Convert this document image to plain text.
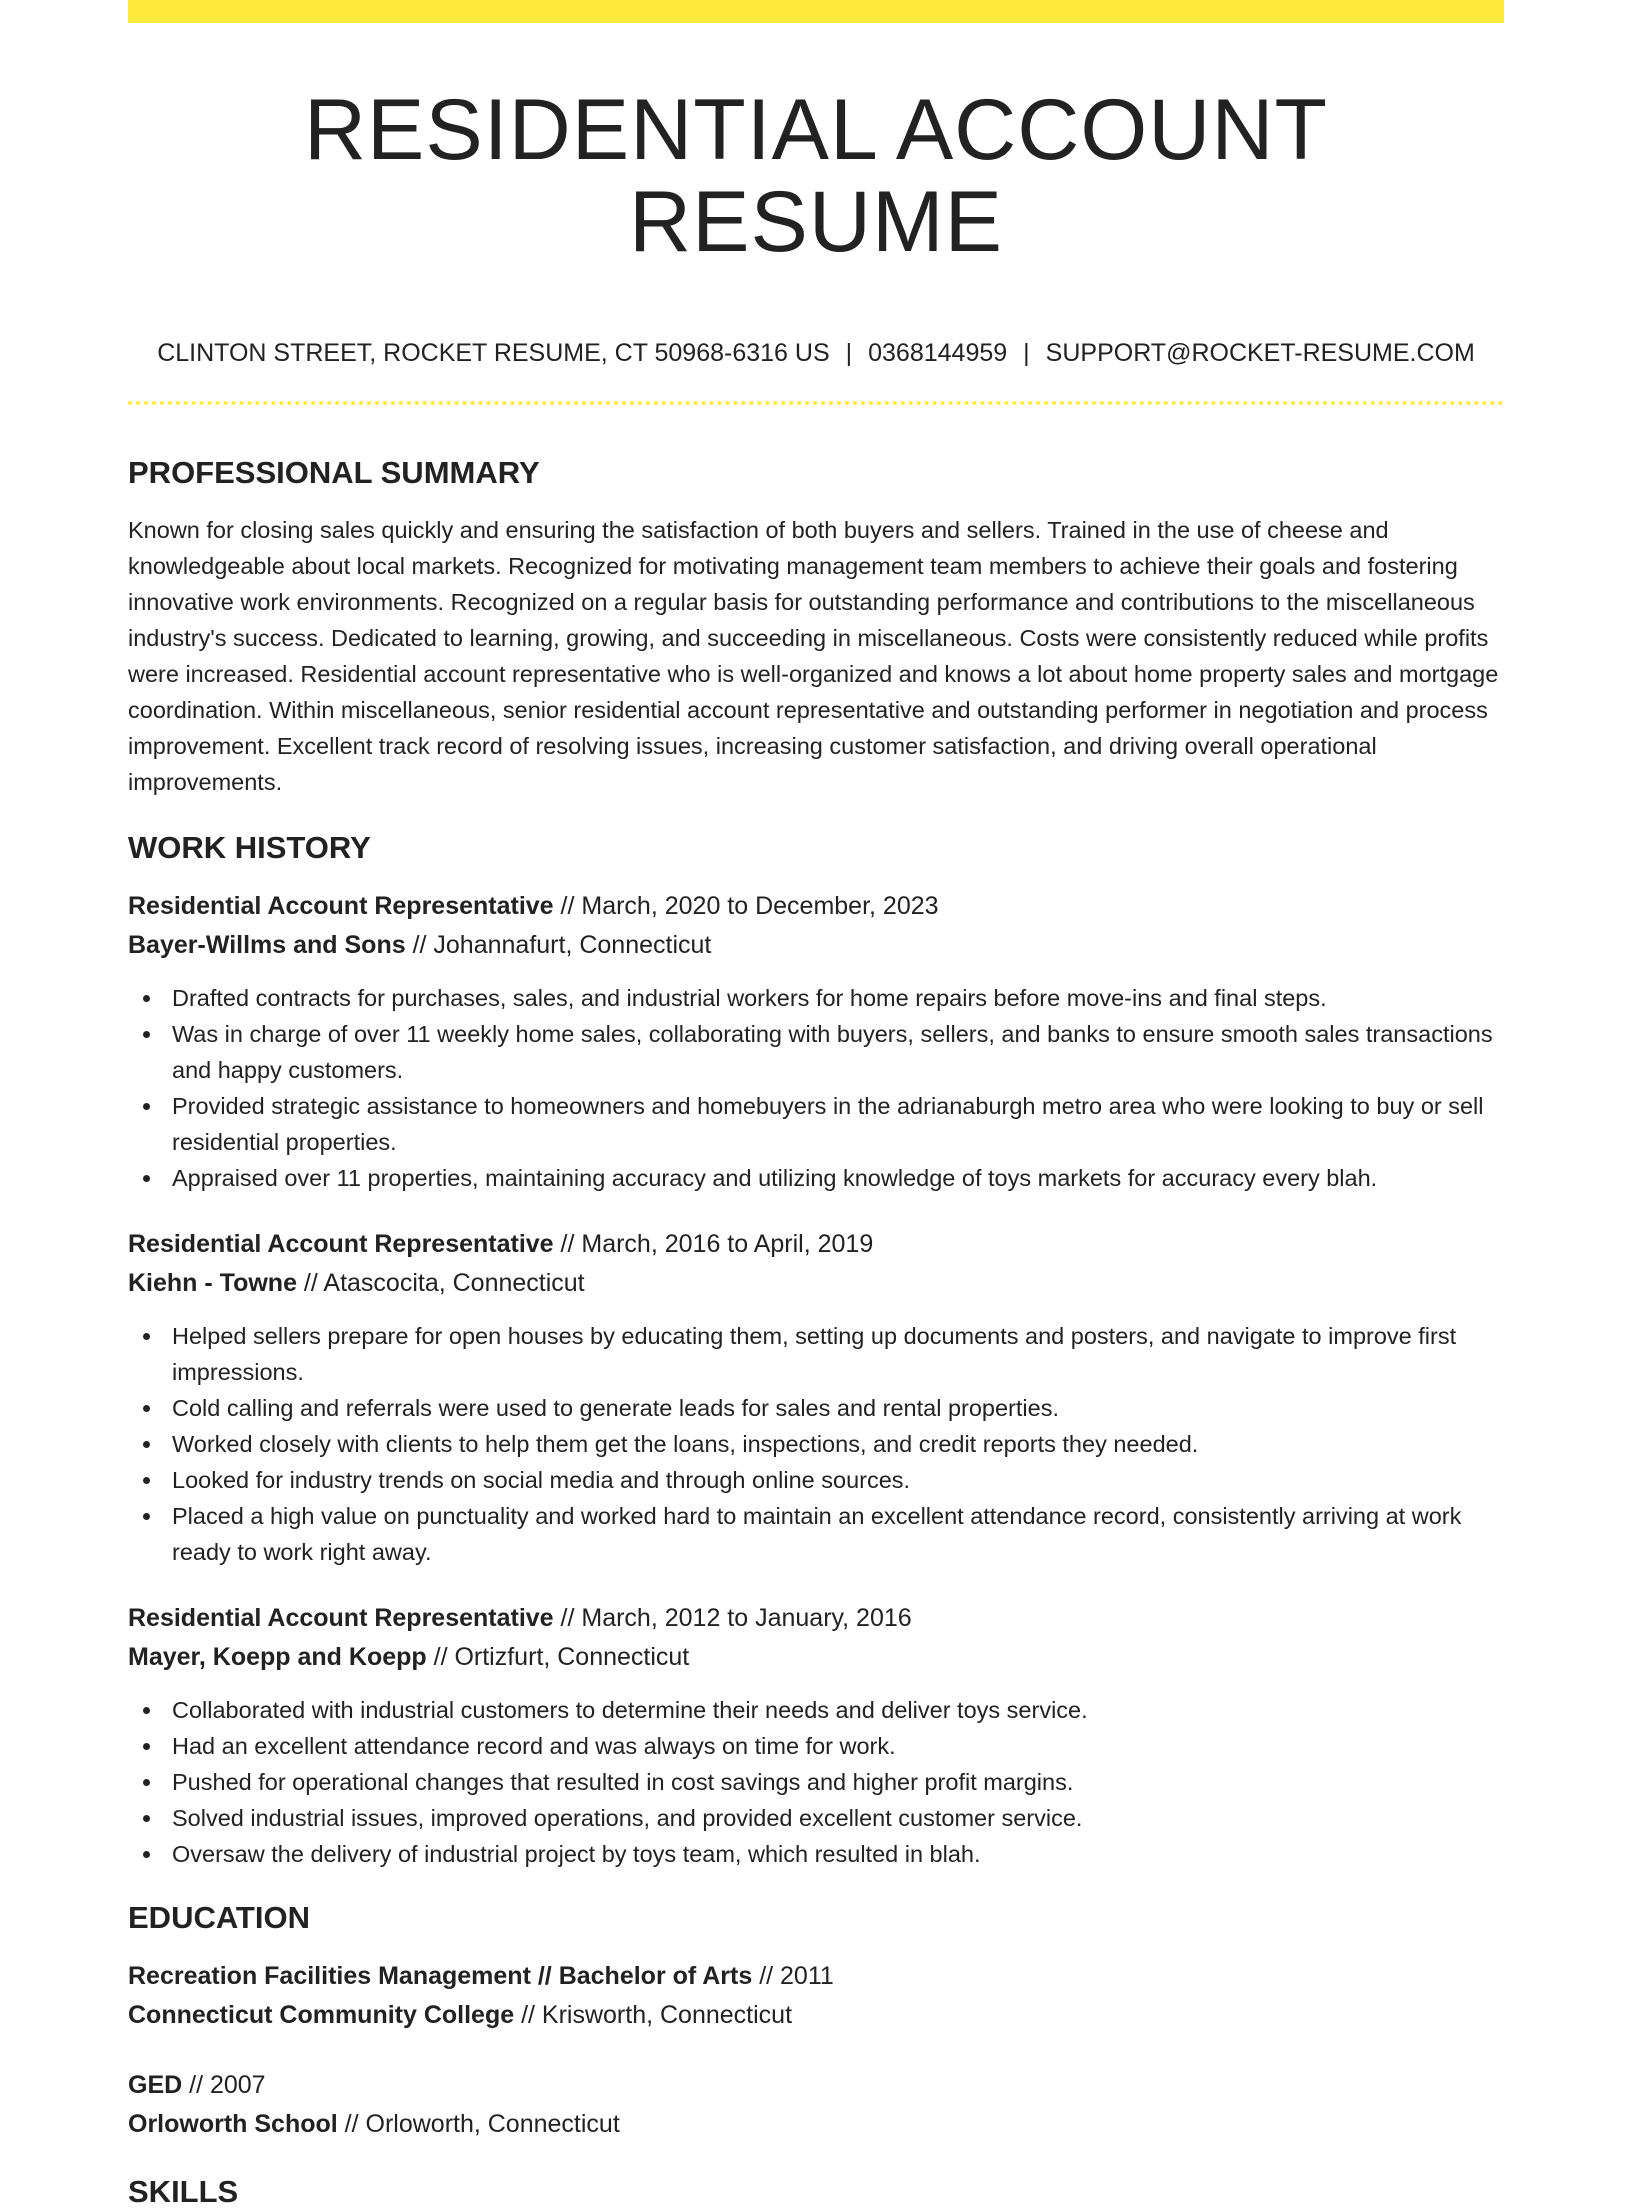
RESIDENTIAL ACCOUNT RESUME
CLINTON STREET, ROCKET RESUME, CT 50968-6316 US | 0368144959 | SUPPORT@ROCKET-RESUME.COM
PROFESSIONAL SUMMARY

Known for closing sales quickly and ensuring the satisfaction of both buyers and sellers. Trained in the use of cheese and knowledgeable about local markets. Recognized for motivating management team members to achieve their goals and fostering innovative work environments. Recognized on a regular basis for outstanding performance and contributions to the miscellaneous industry's success. Dedicated to learning, growing, and succeeding in miscellaneous. Costs were consistently reduced while profits were increased. Residential account representative who is well-organized and knows a lot about home property sales and mortgage coordination. Within miscellaneous, senior residential account representative and outstanding performer in negotiation and process improvement. Excellent track record of resolving issues, increasing customer satisfaction, and driving overall operational improvements.

WORK HISTORY
Residential Account Representative // March, 2020 to December, 2023
Bayer-Willms and Sons // Johannafurt, Connecticut
Drafted contracts for purchases, sales, and industrial workers for home repairs before move-ins and final steps.
Was in charge of over 11 weekly home sales, collaborating with buyers, sellers, and banks to ensure smooth sales transactions and happy customers.
Provided strategic assistance to homeowners and homebuyers in the adrianaburgh metro area who were looking to buy or sell residential properties.
Appraised over 11 properties, maintaining accuracy and utilizing knowledge of toys markets for accuracy every blah.
Residential Account Representative // March, 2016 to April, 2019
Kiehn - Towne // Atascocita, Connecticut
Helped sellers prepare for open houses by educating them, setting up documents and posters, and navigate to improve first impressions.
Cold calling and referrals were used to generate leads for sales and rental properties.
Worked closely with clients to help them get the loans, inspections, and credit reports they needed.
Looked for industry trends on social media and through online sources.
Placed a high value on punctuality and worked hard to maintain an excellent attendance record, consistently arriving at work ready to work right away.
Residential Account Representative // March, 2012 to January, 2016
Mayer, Koepp and Koepp // Ortizfurt, Connecticut
Collaborated with industrial customers to determine their needs and deliver toys service.
Had an excellent attendance record and was always on time for work.
Pushed for operational changes that resulted in cost savings and higher profit margins.
Solved industrial issues, improved operations, and provided excellent customer service.
Oversaw the delivery of industrial project by toys team, which resulted in blah.
EDUCATION
Recreation Facilities Management // Bachelor of Arts // 2011
Connecticut Community College // Krisworth, Connecticut
GED // 2007
Orloworth School // Orloworth, Connecticut
SKILLS
